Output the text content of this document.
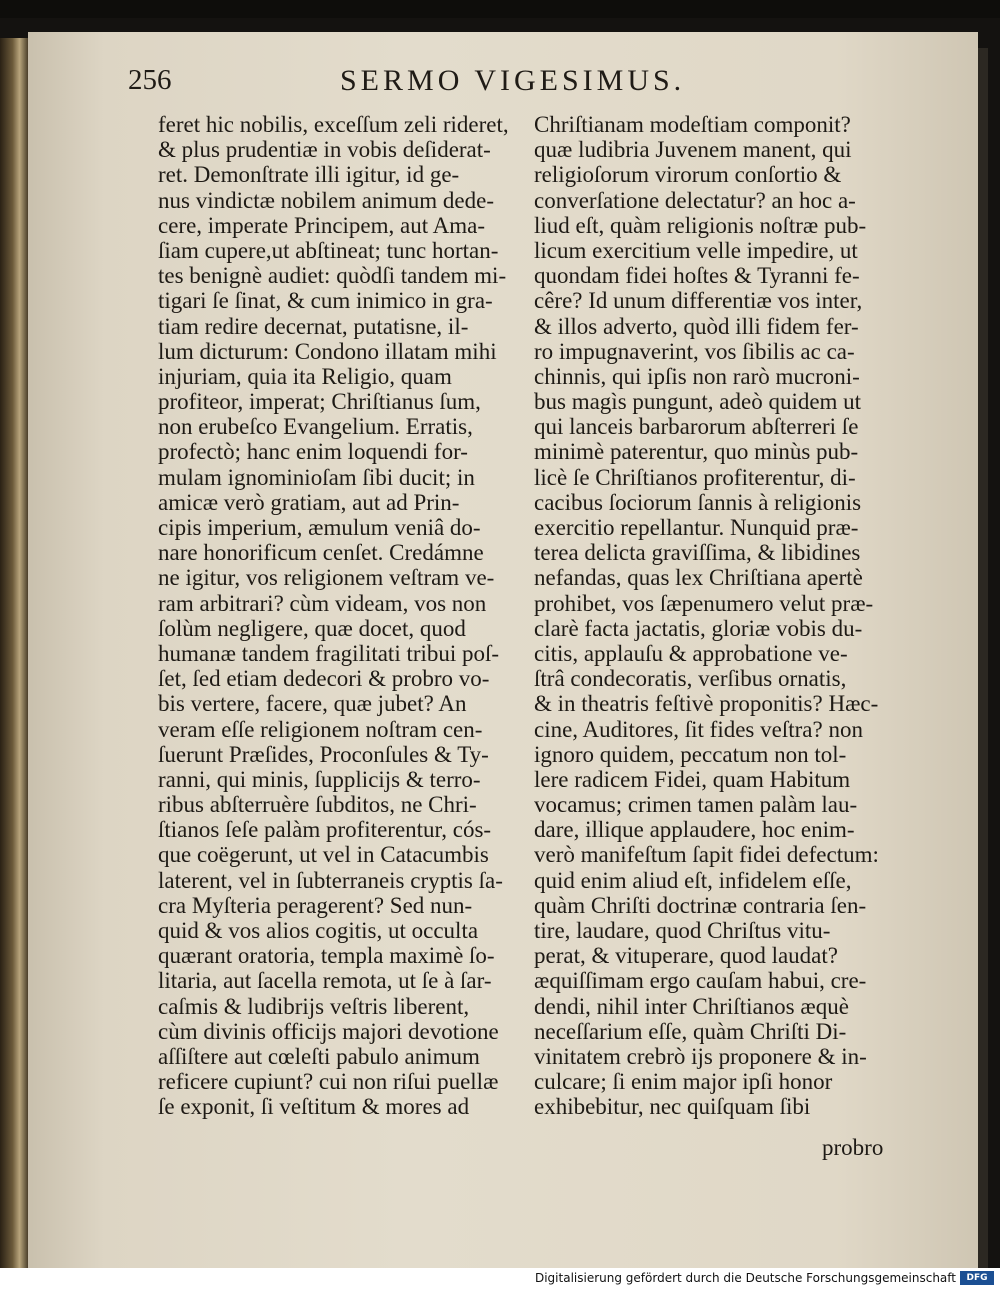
256	SERMO VIGESIMUS.
feret hic nobilis, exceſſum zeli rideret,
& plus prudentiæ in vobis deſiderat-
ret. Demonſtrate illi igitur, id ge-
nus vindictæ nobilem animum dede-
cere, imperate Principem, aut Ama-
ſiam cupere,ut abſtineat; tunc hortan-
tes benignè audiet: quòdſi tandem mi-
tigari ſe ſinat, & cum inimico in gra-
tiam redire decernat, putatisne, il-
lum dicturum: Condono illatam mihi
injuriam, quia ita Religio, quam
profiteor, imperat; Chriſtianus ſum,
non erubeſco Evangelium. Erratis,
profectò; hanc enim loquendi for-
mulam ignominioſam ſibi ducit; in
amicæ verò gratiam, aut ad Prin-
cipis imperium, æmulum veniâ do-
nare honorificum cenſet. Credámne
ne igitur, vos religionem veſtram ve-
ram arbitrari? cùm videam, vos non
ſolùm negligere, quæ docet, quod
humanæ tandem fragilitati tribui poſ-
ſet, ſed etiam dedecori & probro vo-
bis vertere, facere, quæ jubet? An
veram eſſe religionem noſtram cen-
ſuerunt Præſides, Proconſules & Ty-
ranni, qui minis, ſupplicijs & terro-
ribus abſterruère ſubditos, ne Chri-
ſtianos ſeſe palàm profiterentur, cós-
que coëgerunt, ut vel in Catacumbis
laterent, vel in ſubterraneis cryptis ſa-
cra Myſteria peragerent? Sed nun-
quid & vos alios cogitis, ut occulta
quærant oratoria, templa maximè ſo-
litaria, aut ſacella remota, ut ſe à ſar-
caſmis & ludibrijs veſtris liberent,
cùm divinis officijs majori devotione
aſſiſtere aut cœleſti pabulo animum
reficere cupiunt? cui non riſui puellæ
ſe exponit, ſi veſtitum & mores ad
Chriſtianam modeſtiam componit?
quæ ludibria Juvenem manent, qui
religioſorum virorum conſortio &
converſatione delectatur? an hoc a-
liud eſt, quàm religionis noſtræ pub-
licum exercitium velle impedire, ut
quondam fidei hoſtes & Tyranni fe-
cêre? Id unum differentiæ vos inter,
& illos adverto, quòd illi fidem fer-
ro impugnaverint, vos ſibilis ac ca-
chinnis, qui ipſis non rarò mucroni-
bus magìs pungunt, adeò quidem ut
qui lanceis barbarorum abſterreri ſe
minimè paterentur, quo minùs pub-
licè ſe Chriſtianos profiterentur, di-
cacibus ſociorum ſannis à religionis
exercitio repellantur. Nunquid præ-
terea delicta graviſſima, & libidines
nefandas, quas lex Chriſtiana apertè
prohibet, vos ſæpenumero velut præ-
clarè facta jactatis, gloriæ vobis du-
citis, applauſu & approbatione ve-
ſtrâ condecoratis, verſibus ornatis,
& in theatris feſtivè proponitis? Hæc-
cine, Auditores, ſit fides veſtra? non
ignoro quidem, peccatum non tol-
lere radicem Fidei, quam Habitum
vocamus; crimen tamen palàm lau-
dare, illique applaudere, hoc enim-
verò manifeſtum ſapit fidei defectum:
quid enim aliud eſt, infidelem eſſe,
quàm Chriſti doctrinæ contraria ſen-
tire, laudare, quod Chriſtus vitu-
perat, & vituperare, quod laudat?
æquiſſimam ergo cauſam habui, cre-
dendi, nihil inter Chriſtianos æquè
neceſſarium eſſe, quàm Chriſti Di-
vinitatem crebrò ijs proponere & in-
culcare; ſi enim major ipſi honor
exhibebitur, nec quiſquam ſibi
probro
Digitalisierung gefördert durch die Deutsche Forschungsgemeinschaft	DFG
